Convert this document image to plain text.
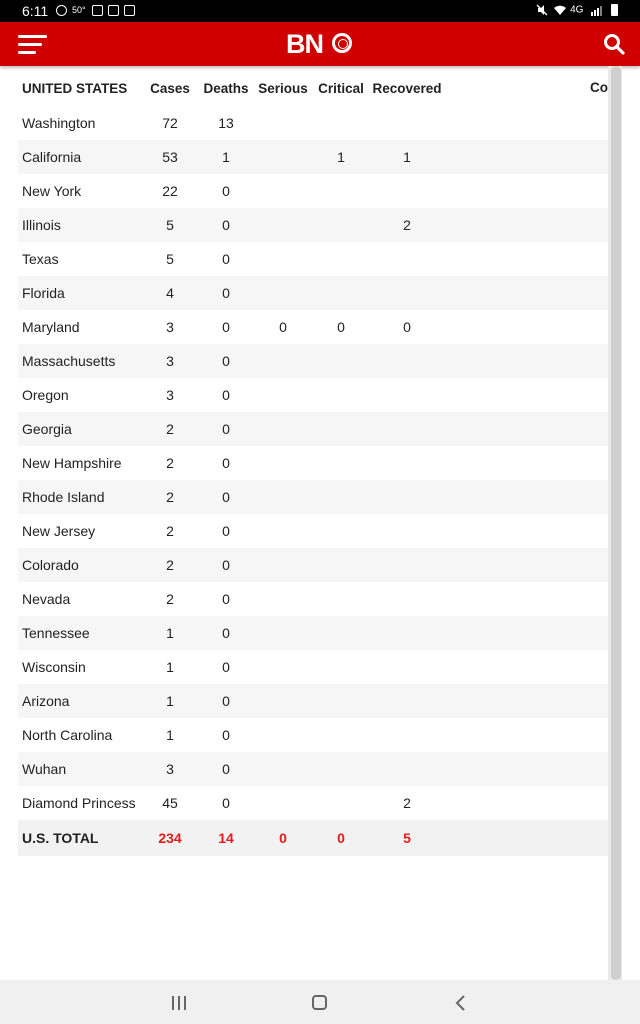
6:11	50°	4G
BN
UNITED STATES	Cases	Deaths	Serious	Critical	Recovered	
Washington	72	13				
California	53	1		1	1	
New York	22	0				
Illinois	5	0			2	
Texas	5	0				
Florida	4	0				
Maryland	3	0	0	0	0	
Massachusetts	3	0				
Oregon	3	0				
Georgia	2	0				
New Hampshire	2	0				
Rhode Island	2	0				
New Jersey	2	0				
Colorado	2	0				
Nevada	2	0				
Tennessee	1	0				
Wisconsin	1	0				
Arizona	1	0				
North Carolina	1	0				
Wuhan	3	0				
Diamond Princess	45	0			2	
U.S. TOTAL	234	14	0	0	5	
Co
